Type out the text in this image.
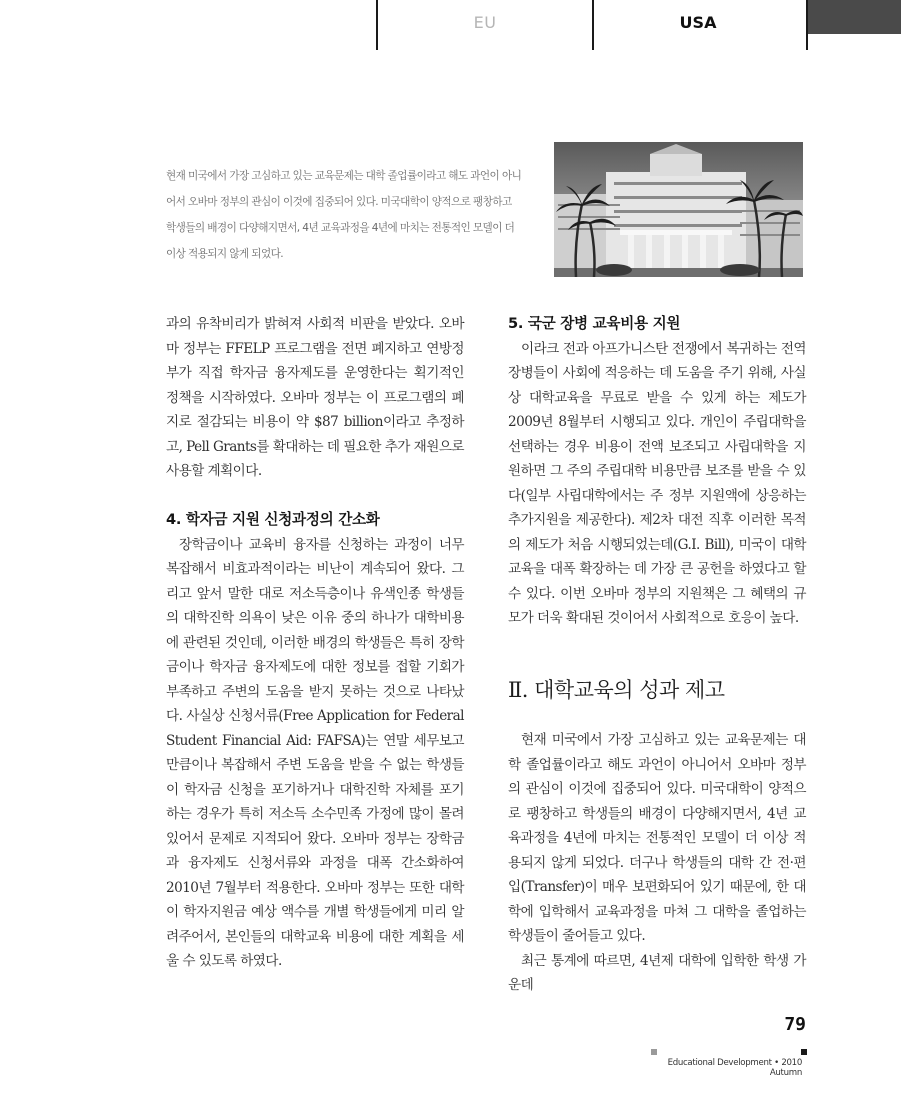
EU	USA
현재 미국에서 가장 고심하고 있는 교육문제는 대학 졸업률이라고 해도 과언이 아니어서 오바마 정부의 관심이 이것에 집중되어 있다. 미국대학이 양적으로 팽창하고 학생들의 배경이 다양해지면서, 4년 교육과정을 4년에 마치는 전통적인 모델이 더 이상 적용되지 않게 되었다.

과의 유착비리가 밝혀져 사회적 비판을 받았다. 오바마 정부는 FFELP 프로그램을 전면 폐지하고 연방정부가 직접 학자금 융자제도를 운영한다는 획기적인 정책을 시작하였다. 오바마 정부는 이 프로그램의 폐지로 절감되는 비용이 약 $87 billion이라고 추정하고, Pell Grants를 확대하는 데 필요한 추가 재원으로 사용할 계획이다.

4. 학자금 지원 신청과정의 간소화

장학금이나 교육비 융자를 신청하는 과정이 너무 복잡해서 비효과적이라는 비난이 계속되어 왔다. 그리고 앞서 말한 대로 저소득층이나 유색인종 학생들의 대학진학 의욕이 낮은 이유 중의 하나가 대학비용에 관련된 것인데, 이러한 배경의 학생들은 특히 장학금이나 학자금 융자제도에 대한 정보를 접할 기회가 부족하고 주변의 도움을 받지 못하는 것으로 나타났다. 사실상 신청서류(Free Application for Federal Student Financial Aid: FAFSA)는 연말 세무보고 만큼이나 복잡해서 주변 도움을 받을 수 없는 학생들이 학자금 신청을 포기하거나 대학진학 자체를 포기하는 경우가 특히 저소득 소수민족 가정에 많이 몰려 있어서 문제로 지적되어 왔다. 오바마 정부는 장학금과 융자제도 신청서류와 과정을 대폭 간소화하여 2010년 7월부터 적용한다. 오바마 정부는 또한 대학이 학자지원금 예상 액수를 개별 학생들에게 미리 알려주어서, 본인들의 대학교육 비용에 대한 계획을 세울 수 있도록 하였다.

5. 국군 장병 교육비용 지원

이라크 전과 아프가니스탄 전쟁에서 복귀하는 전역 장병들이 사회에 적응하는 데 도움을 주기 위해, 사실상 대학교육을 무료로 받을 수 있게 하는 제도가 2009년 8월부터 시행되고 있다. 개인이 주립대학을 선택하는 경우 비용이 전액 보조되고 사립대학을 지원하면 그 주의 주립대학 비용만큼 보조를 받을 수 있다(일부 사립대학에서는 주 정부 지원액에 상응하는 추가지원을 제공한다). 제2차 대전 직후 이러한 목적의 제도가 처음 시행되었는데(G.I. Bill), 미국이 대학교육을 대폭 확장하는 데 가장 큰 공헌을 하였다고 할 수 있다. 이번 오바마 정부의 지원책은 그 혜택의 규모가 더욱 확대된 것이어서 사회적으로 호응이 높다.

Ⅱ. 대학교육의 성과 제고

현재 미국에서 가장 고심하고 있는 교육문제는 대학 졸업률이라고 해도 과언이 아니어서 오바마 정부의 관심이 이것에 집중되어 있다. 미국대학이 양적으로 팽창하고 학생들의 배경이 다양해지면서, 4년 교육과정을 4년에 마치는 전통적인 모델이 더 이상 적용되지 않게 되었다. 더구나 학생들의 대학 간 전·편입(Transfer)이 매우 보편화되어 있기 때문에, 한 대학에 입학해서 교육과정을 마쳐 그 대학을 졸업하는 학생들이 줄어들고 있다.

최근 통계에 따르면, 4년제 대학에 입학한 학생 가운데

79
Educational Development • 2010 Autumn
